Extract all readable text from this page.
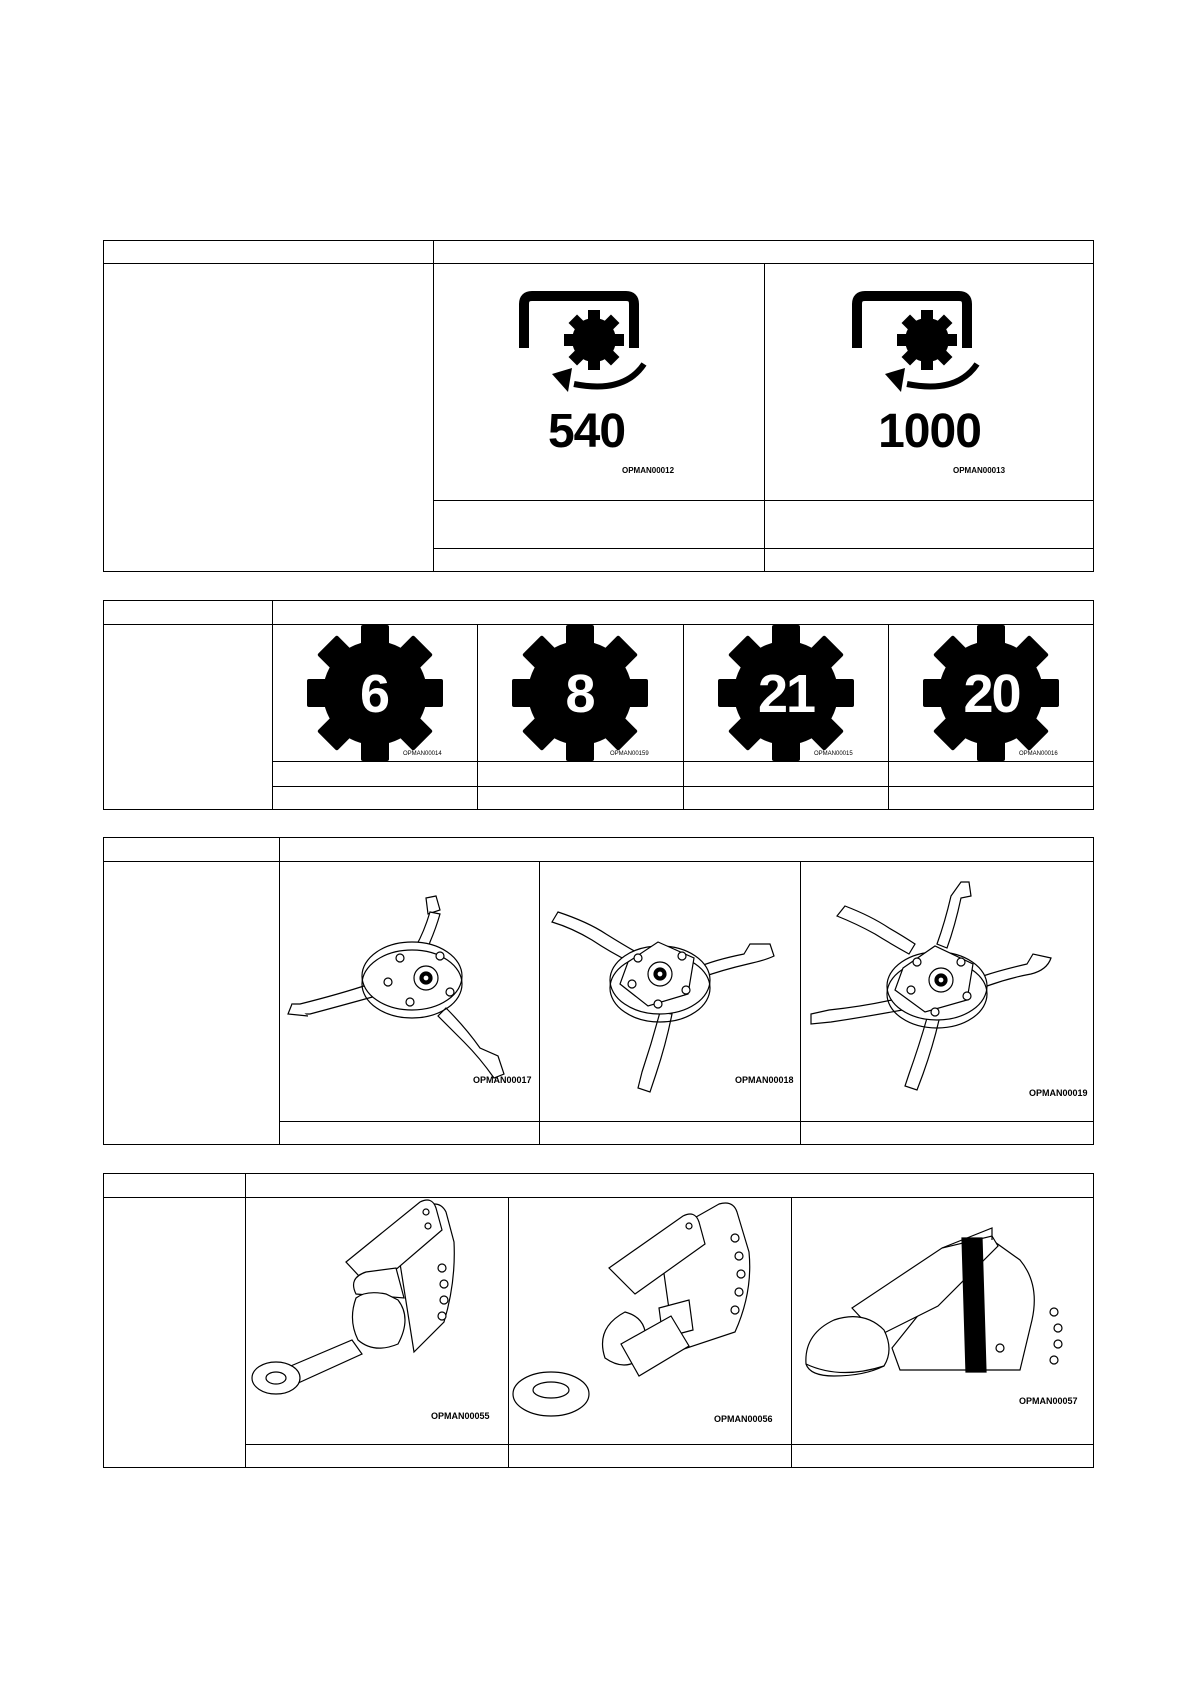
540
OPMAN00012
1000
OPMAN00013
6
OPMAN00014
8
OPMAN00159
21
OPMAN00015
20
OPMAN00016
OPMAN00017	OPMAN00018
OPMAN00019
OPMAN00055	OPMAN00056
OPMAN00057
